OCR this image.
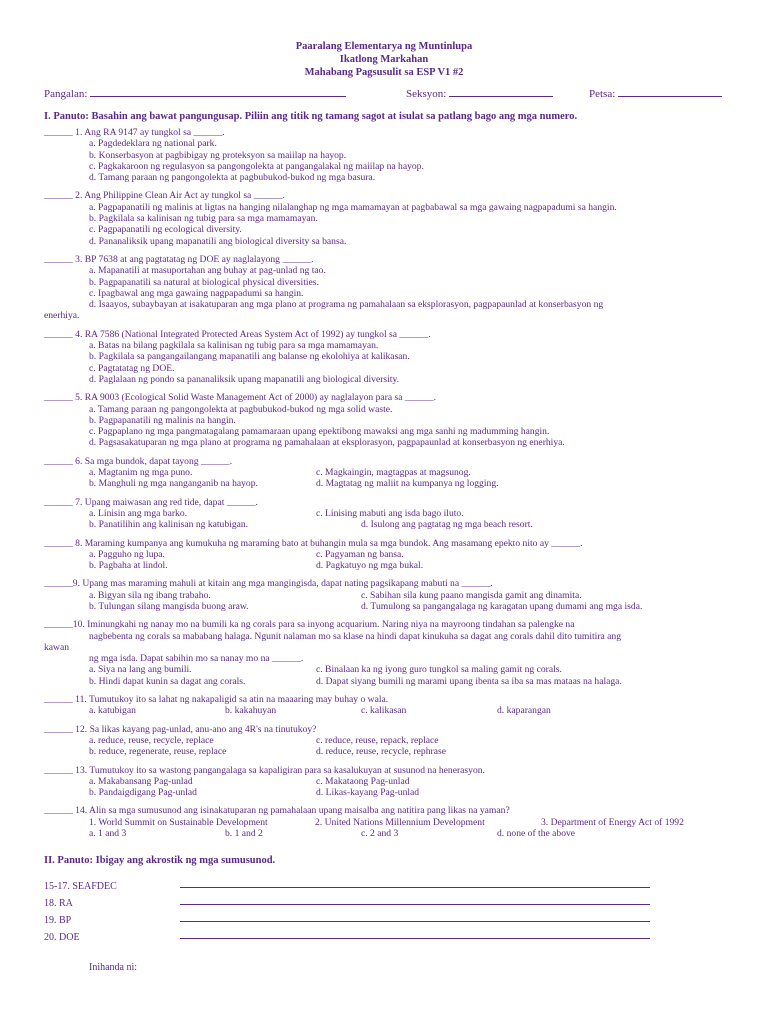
Paaralang Elementarya ng Muntinlupa
Ikatlong Markahan
Mahabang Pagsusulit sa ESP V1 #2
Pangalan:	Seksyon:	Petsa:
I. Panuto: Basahin ang bawat pangungusap. Piliin ang titik ng tamang sagot at isulat sa patlang bago ang mga numero.
______ 1. Ang RA 9147 ay tungkol sa ______.
a. Pagdedeklara ng national park.
b. Konserbasyon at pagbibigay ng proteksyon sa maiilap na hayop.
c. Pagkakaroon ng regulasyon sa pangongolekta at pangangalakal ng maiilap na hayop.
d. Tamang paraan ng pangongolekta at pagbubukod-bukod ng mga basura.
______ 2. Ang Philippine Clean Air Act ay tungkol sa ______.
a. Pagpapanatili ng malinis at ligtas na hanging nilalanghap ng mga mamamayan at pagbabawal sa mga gawaing nagpapadumi sa hangin.
b. Pagkilala sa kalinisan ng tubig para sa mga mamamayan.
c. Pagpapanatili ng ecological diversity.
d. Pananaliksik upang mapanatili ang biological diversity sa bansa.
______ 3. BP 7638 at ang pagtatatag ng DOE ay naglalayong ______.
a. Mapanatili at masuportahan ang buhay at pag-unlad ng tao.
b. Pagpapanatili sa natural at biological physical diversities.
c. Ipagbawal ang mga gawaing nagpapadumi sa hangin.
d. Isaayos, subaybayan at isakatuparan ang mga plano at programa ng pamahalaan sa eksplorasyon, pagpapaunlad at konserbasyon ng
enerhiya.
______ 4. RA 7586 (National Integrated Protected Areas System Act of 1992) ay tungkol sa ______.
a. Batas na bilang pagkilala sa kalinisan ng tubig para sa mga mamamayan.
b. Pagkilala sa pangangailangang mapanatili ang balanse ng ekolohiya at kalikasan.
c. Pagtatatag ng DOE.
d. Paglalaan ng pondo sa pananaliksik upang mapanatili ang biological diversity.
______ 5. RA 9003 (Ecological Solid Waste Management Act of 2000) ay naglalayon para sa ______.
a. Tamang paraan ng pangongolekta at pagbubukod-bukod ng mga solid waste.
b. Pagpapanatili ng malinis na hangin.
c. Pagpaplano ng mga pangmatagalang pamamaraan upang epektibong mawaksi ang mga sanhi ng madumming hangin.
d. Pagsasakatuparan ng mga plano at programa ng pamahalaan at eksplorasyon, pagpapaunlad at konserbasyon ng enerhiya.
______ 6. Sa mga bundok, dapat tayong ______.
a. Magtanim ng mga puno.	c. Magkaingin, magtagpas at magsunog.
b. Manghuli ng mga nanganganib na hayop.	d. Magtatag ng maliit na kumpanya ng logging.
______ 7. Upang maiwasan ang red tide, dapat ______.
a. Linisin ang mga barko.	c. Linising mabuti ang isda bago iluto.
b. Panatilihin ang kalinisan ng katubigan.	d. Isulong ang pagtatag ng mga beach resort.
______ 8. Maraming kumpanya ang kumukuha ng maraming bato at buhangin mula sa mga bundok. Ang masamang epekto nito ay ______.
a. Pagguho ng lupa.	c. Pagyaman ng bansa.
b. Pagbaha at lindol.	d. Pagkatuyo ng mga bukal.
______9. Upang mas maraming mahuli at kitain ang mga mangingisda, dapat nating pagsikapang mabuti na ______.
a. Bigyan sila ng ibang trabaho.	c. Sabihan sila kung paano mangisda gamit ang dinamita.
b. Tulungan silang mangisda buong araw.	d. Tumulong sa pangangalaga ng karagatan upang dumami ang mga isda.
______10. Iminungkahi ng nanay mo na bumili ka ng corals para sa inyong acquarium. Naring niya na mayroong tindahan sa palengke na
nagbebenta ng corals sa mababang halaga. Ngunit nalaman mo sa klase na hindi dapat kinukuha sa dagat ang corals dahil dito tumitira ang
kawan
ng mga isda. Dapat sabihin mo sa nanay mo na ______.
a. Siya na lang ang bumili.	c. Binalaan ka ng iyong guro tungkol sa maling gamit ng corals.
b. Hindi dapat kunin sa dagat ang corals.	d. Dapat siyang bumili ng marami upang ibenta sa iba sa mas mataas na halaga.
______ 11. Tumutukoy ito sa lahat ng nakapaligid sa atin na maaaring may buhay o wala.
a. katubigan	b. kakahuyan	c. kalikasan	d. kaparangan
______ 12. Sa likas kayang pag-unlad, anu-ano ang 4R's na tinutukoy?
a. reduce, reuse, recycle, replace	c. reduce, reuse, repack, replace
b. reduce, regenerate, reuse, replace	d. reduce, reuse, recycle, rephrase
______ 13. Tumutukoy ito sa wastong pangangalaga sa kapaligiran para sa kasalukuyan at susunod na henerasyon.
a. Makabansang Pag-unlad	c. Makataong Pag-unlad
b. Pandaigdigang Pag-unlad	d. Likas-kayang Pag-unlad
______ 14. Alin sa mga sumusunod ang isinakatuparan ng pamahalaan upang maisalba ang natitira pang likas na yaman?
1. World Summit on Sustainable Development	2. United Nations Millennium Development	3. Department of Energy Act of 1992
a. 1 and 3	b. 1 and 2	c. 2 and 3	d. none of the above
II. Panuto: Ibigay ang akrostik ng mga sumusunod.
15-17. SEAFDEC
18. RA
19. BP
20. DOE
Inihanda ni:
